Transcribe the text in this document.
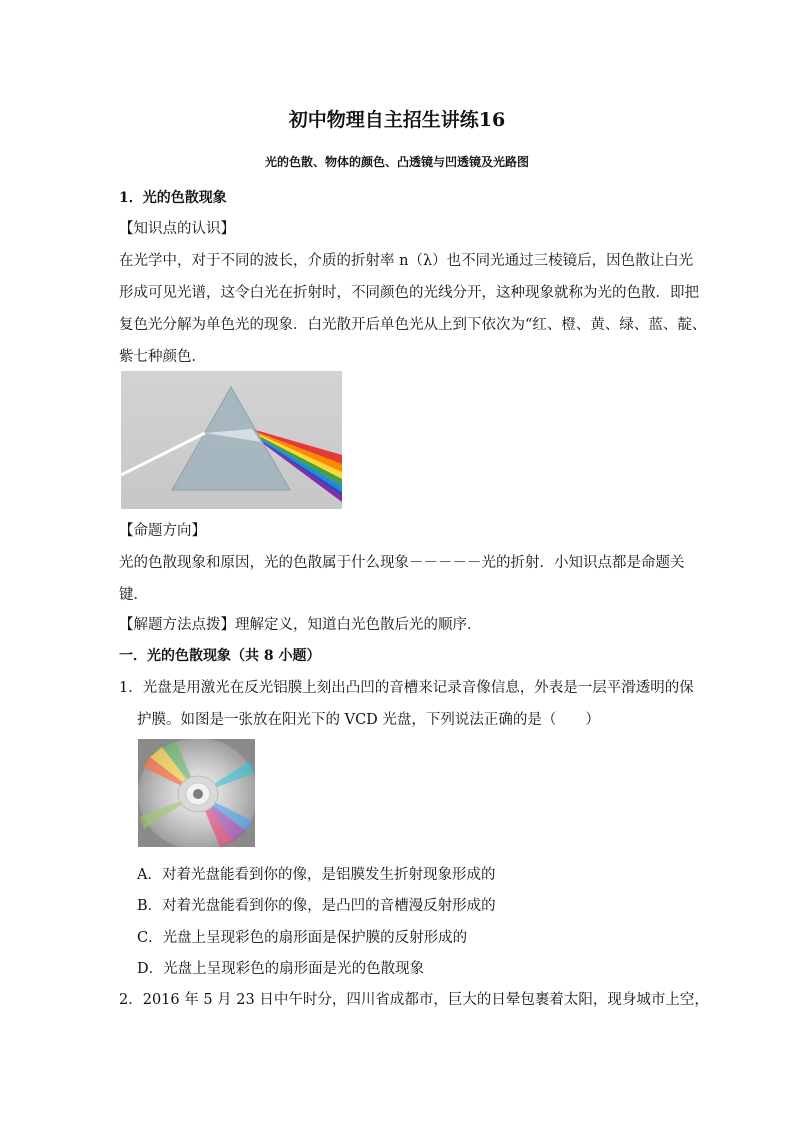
初中物理自主招生讲练16
光的色散、物体的颜色、凸透镜与凹透镜及光路图
1．光的色散现象
【知识点的认识】
在光学中，对于不同的波长，介质的折射率 n（λ）也不同光通过三棱镜后，因色散让白光
形成可见光谱，这令白光在折射时，不同颜色的光线分开，这种现象就称为光的色散．即把
复色光分解为单色光的现象．白光散开后单色光从上到下依次为“红、橙、黄、绿、蓝、靛、
紫七种颜色．
【命题方向】
光的色散现象和原因，光的色散属于什么现象－－－－－光的折射．小知识点都是命题关
键．
【解题方法点拨】理解定义，知道白光色散后光的顺序．
一．光的色散现象（共 8 小题）
1．光盘是用激光在反光铝膜上刻出凸凹的音槽来记录音像信息，外表是一层平滑透明的保
护膜。如图是一张放在阳光下的 VCD 光盘，下列说法正确的是（　　）
A．对着光盘能看到你的像，是铝膜发生折射现象形成的
B．对着光盘能看到你的像，是凸凹的音槽漫反射形成的
C．光盘上呈现彩色的扇形面是保护膜的反射形成的
D．光盘上呈现彩色的扇形面是光的色散现象
2．2016 年 5 月 23 日中午时分，四川省成都市，巨大的日晕包裹着太阳，现身城市上空，
